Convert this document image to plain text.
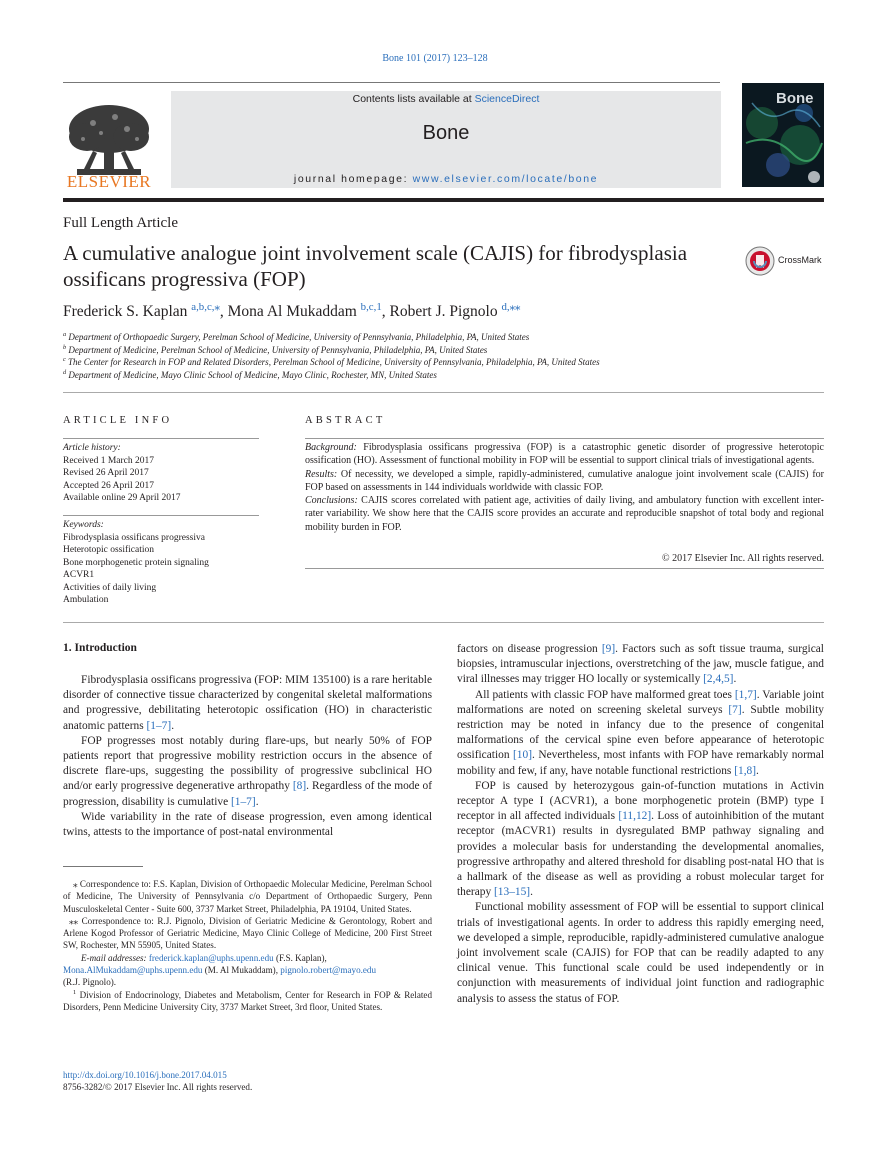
Bone 101 (2017) 123–128
ELSEVIER
Contents lists available at ScienceDirect
Bone
journal homepage: www.elsevier.com/locate/bone
Bone
Full Length Article
A cumulative analogue joint involvement scale (CAJIS) for fibrodysplasia ossificans progressiva (FOP)
CrossMark
Frederick S. Kaplan $^{a,b,c,⁎}$, Mona Al Mukaddam $^{b,c,1}$, Robert J. Pignolo $^{d,⁎⁎}$
$^a$ Department of Orthopaedic Surgery, Perelman School of Medicine, University of Pennsylvania, Philadelphia, PA, United States
$^b$ Department of Medicine, Perelman School of Medicine, University of Pennsylvania, Philadelphia, PA, United States
$^c$ The Center for Research in FOP and Related Disorders, Perelman School of Medicine, University of Pennsylvania, Philadelphia, PA, United States
$^d$ Department of Medicine, Mayo Clinic School of Medicine, Mayo Clinic, Rochester, MN, United States
ARTICLE INFO	ABSTRACT
Article history:
Received 1 March 2017
Revised 26 April 2017
Accepted 26 April 2017
Available online 29 April 2017
Keywords:
Fibrodysplasia ossificans progressiva
Heterotopic ossification
Bone morphogenetic protein signaling
ACVR1
Activities of daily living
Ambulation

Background: Fibrodysplasia ossificans progressiva (FOP) is a catastrophic genetic disorder of progressive heterotopic ossification (HO). Assessment of functional mobility in FOP will be essential to support clinical trials of investigational agents.

Results: Of necessity, we developed a simple, rapidly-administered, cumulative analogue joint involvement scale (CAJIS) for FOP based on assessments in 144 individuals worldwide with classic FOP.

Conclusions: CAJIS scores correlated with patient age, activities of daily living, and ambulatory function with excellent inter-rater variability. We show here that the CAJIS score provides an accurate and reproducible snapshot of total body and regional mobility burden in FOP.

© 2017 Elsevier Inc. All rights reserved.
1. Introduction

Fibrodysplasia ossificans progressiva (FOP: MIM 135100) is a rare heritable disorder of connective tissue characterized by congenital skeletal malformations and progressive, debilitating heterotopic ossification (HO) in characteristic anatomic patterns [1–7].

FOP progresses most notably during flare-ups, but nearly 50% of FOP patients report that progressive mobility restriction occurs in the absence of discrete flare-ups, suggesting the possibility of progressive subclinical HO and/or early progressive degenerative arthropathy [8]. Regardless of the mode of progression, disability is cumulative [1–7].

Wide variability in the rate of disease progression, even among identical twins, attests to the importance of post-natal environmental

factors on disease progression [9]. Factors such as soft tissue trauma, surgical biopsies, intramuscular injections, overstretching of the jaw, muscle fatigue, and viral illnesses may trigger HO locally or systemically [2,4,5].

All patients with classic FOP have malformed great toes [1,7]. Variable joint malformations are noted on screening skeletal surveys [7]. Subtle mobility restriction may be noted in infancy due to the presence of congenital malformations of the cervical spine even before appearance of heterotopic ossification [10]. Nevertheless, most infants with FOP have remarkably normal mobility and few, if any, have notable functional restrictions [1,8].

FOP is caused by heterozygous gain-of-function mutations in Activin receptor A type I (ACVR1), a bone morphogenetic protein (BMP) type I receptor in all affected individuals [11,12]. Loss of autoinhibition of the mutant receptor (mACVR1) results in dysregulated BMP pathway signaling and provides a molecular basis for understanding the developmental anomalies, progressive arthropathy and altered threshold for disabling post-natal HO that is a hallmark of the disease as well as providing a robust molecular target for therapy [13–15].

Functional mobility assessment of FOP will be essential to support clinical trials of investigational agents. In order to address this rapidly emerging need, we developed a simple, reproducible, rapidly-administered cumulative analogue joint involvement scale (CAJIS) for FOP that can be readily adapted to any clinical venue. This functional scale could be used independently or in conjunction with measurements of individual joint function and radiographic analysis to assess the status of FOP.

⁎ Correspondence to: F.S. Kaplan, Division of Orthopaedic Molecular Medicine, Perelman School of Medicine, The University of Pennsylvania c/o Department of Orthopaedic Surgery, Penn Musculoskeletal Center - Suite 600, 3737 Market Street, Philadelphia, PA 19104, United States.

⁎⁎ Correspondence to: R.J. Pignolo, Division of Geriatric Medicine & Gerontology, Robert and Arlene Kogod Professor of Geriatric Medicine, Mayo Clinic College of Medicine, 200 First Street SW, Rochester, MN 55905, United States.

E-mail addresses: frederick.kaplan@uphs.upenn.edu (F.S. Kaplan),

Mona.AlMukaddam@uphs.upenn.edu (M. Al Mukaddam), pignolo.robert@mayo.edu

(R.J. Pignolo).

$^1$ Division of Endocrinology, Diabetes and Metabolism, Center for Research in FOP & Related Disorders, Penn Medicine University City, 3737 Market Street, 3rd floor, United States.

http://dx.doi.org/10.1016/j.bone.2017.04.015
8756-3282/© 2017 Elsevier Inc. All rights reserved.
